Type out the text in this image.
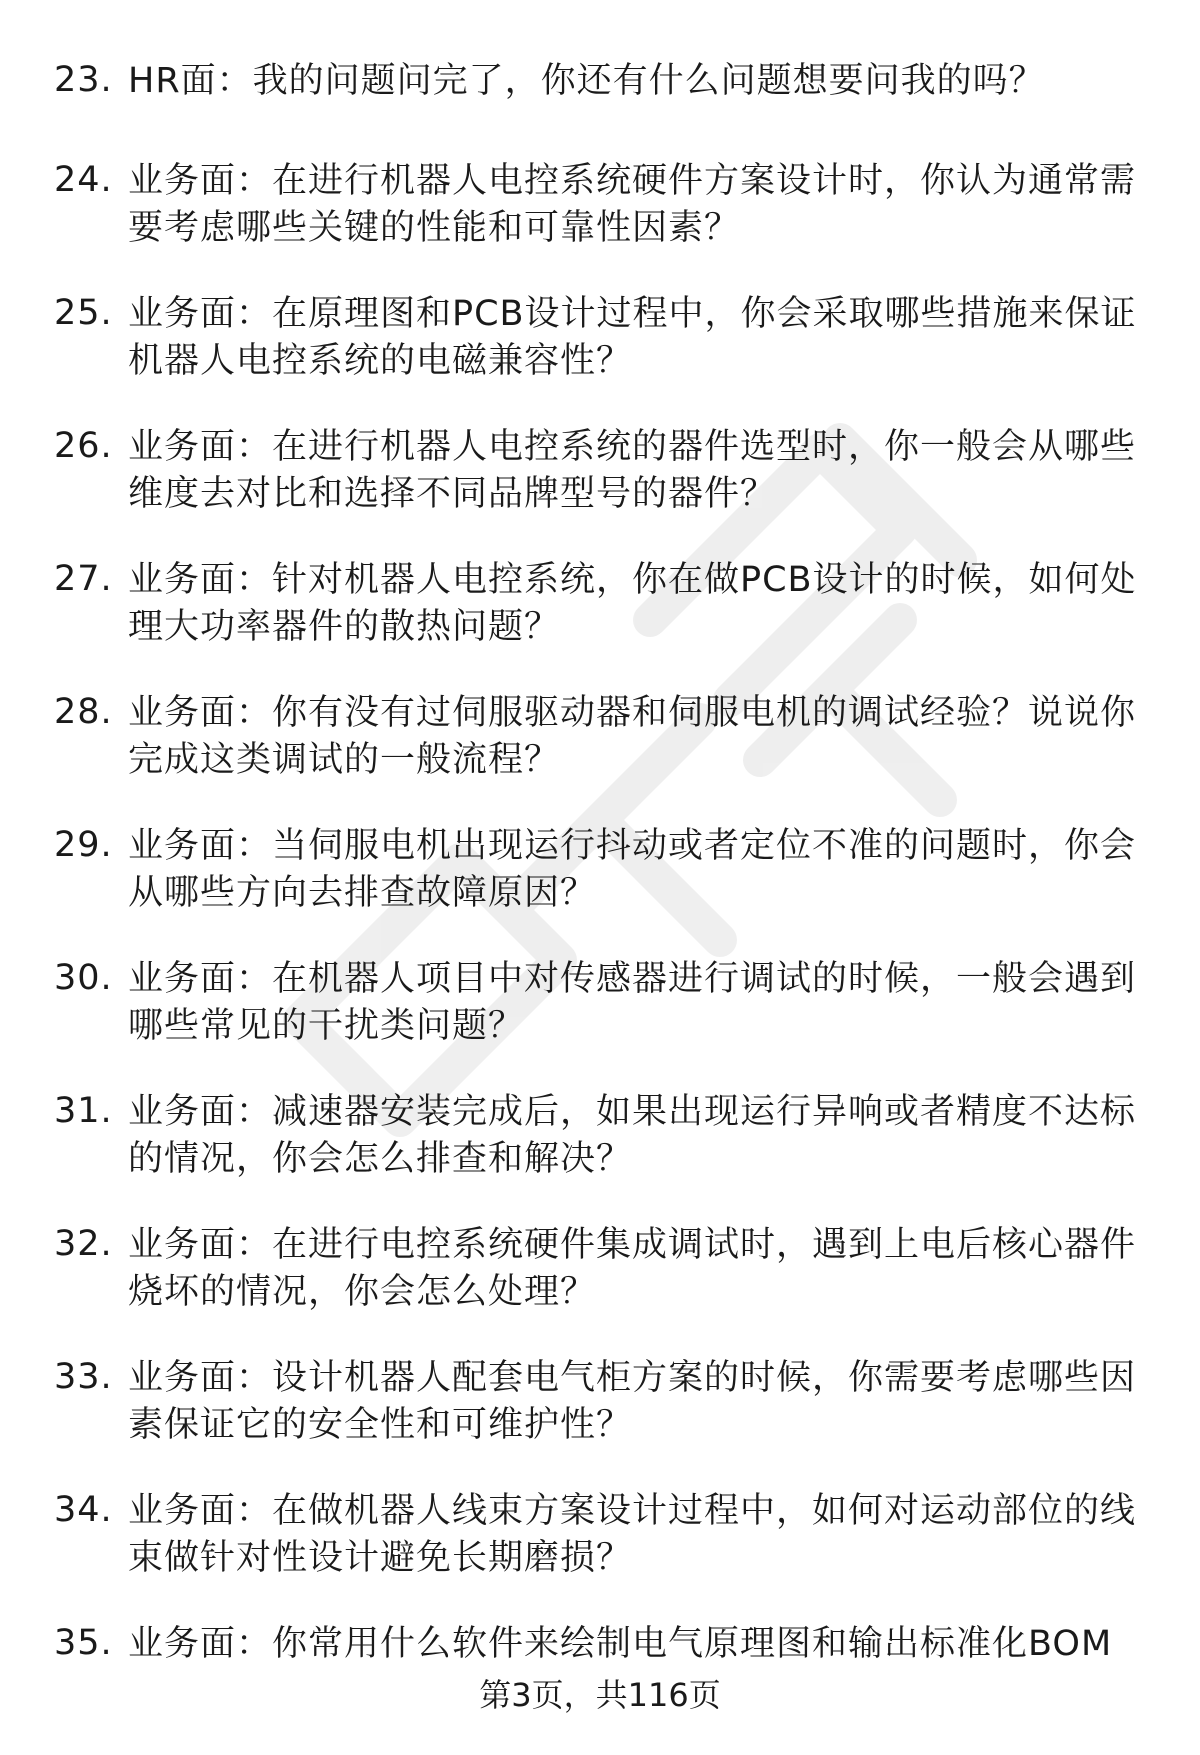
23. HR面：我的问题问完了，你还有什么问题想要问我的吗？
24. 业务面：在进行机器人电控系统硬件方案设计时，你认为通常需要考虑哪些关键的性能和可靠性因素？
25. 业务面：在原理图和PCB设计过程中，你会采取哪些措施来保证机器人电控系统的电磁兼容性？
26. 业务面：在进行机器人电控系统的器件选型时，你一般会从哪些维度去对比和选择不同品牌型号的器件？
27. 业务面：针对机器人电控系统，你在做PCB设计的时候，如何处理大功率器件的散热问题？
28. 业务面：你有没有过伺服驱动器和伺服电机的调试经验？说说你完成这类调试的一般流程？
29. 业务面：当伺服电机出现运行抖动或者定位不准的问题时，你会从哪些方向去排查故障原因？
30. 业务面：在机器人项目中对传感器进行调试的时候，一般会遇到哪些常见的干扰类问题？
31. 业务面：减速器安装完成后，如果出现运行异响或者精度不达标的情况，你会怎么排查和解决？
32. 业务面：在进行电控系统硬件集成调试时，遇到上电后核心器件烧坏的情况，你会怎么处理？
33. 业务面：设计机器人配套电气柜方案的时候，你需要考虑哪些因素保证它的安全性和可维护性？
34. 业务面：在做机器人线束方案设计过程中，如何对运动部位的线束做针对性设计避免长期磨损？
35. 业务面：你常用什么软件来绘制电气原理图和输出标准化BOM
第3页，共116页
